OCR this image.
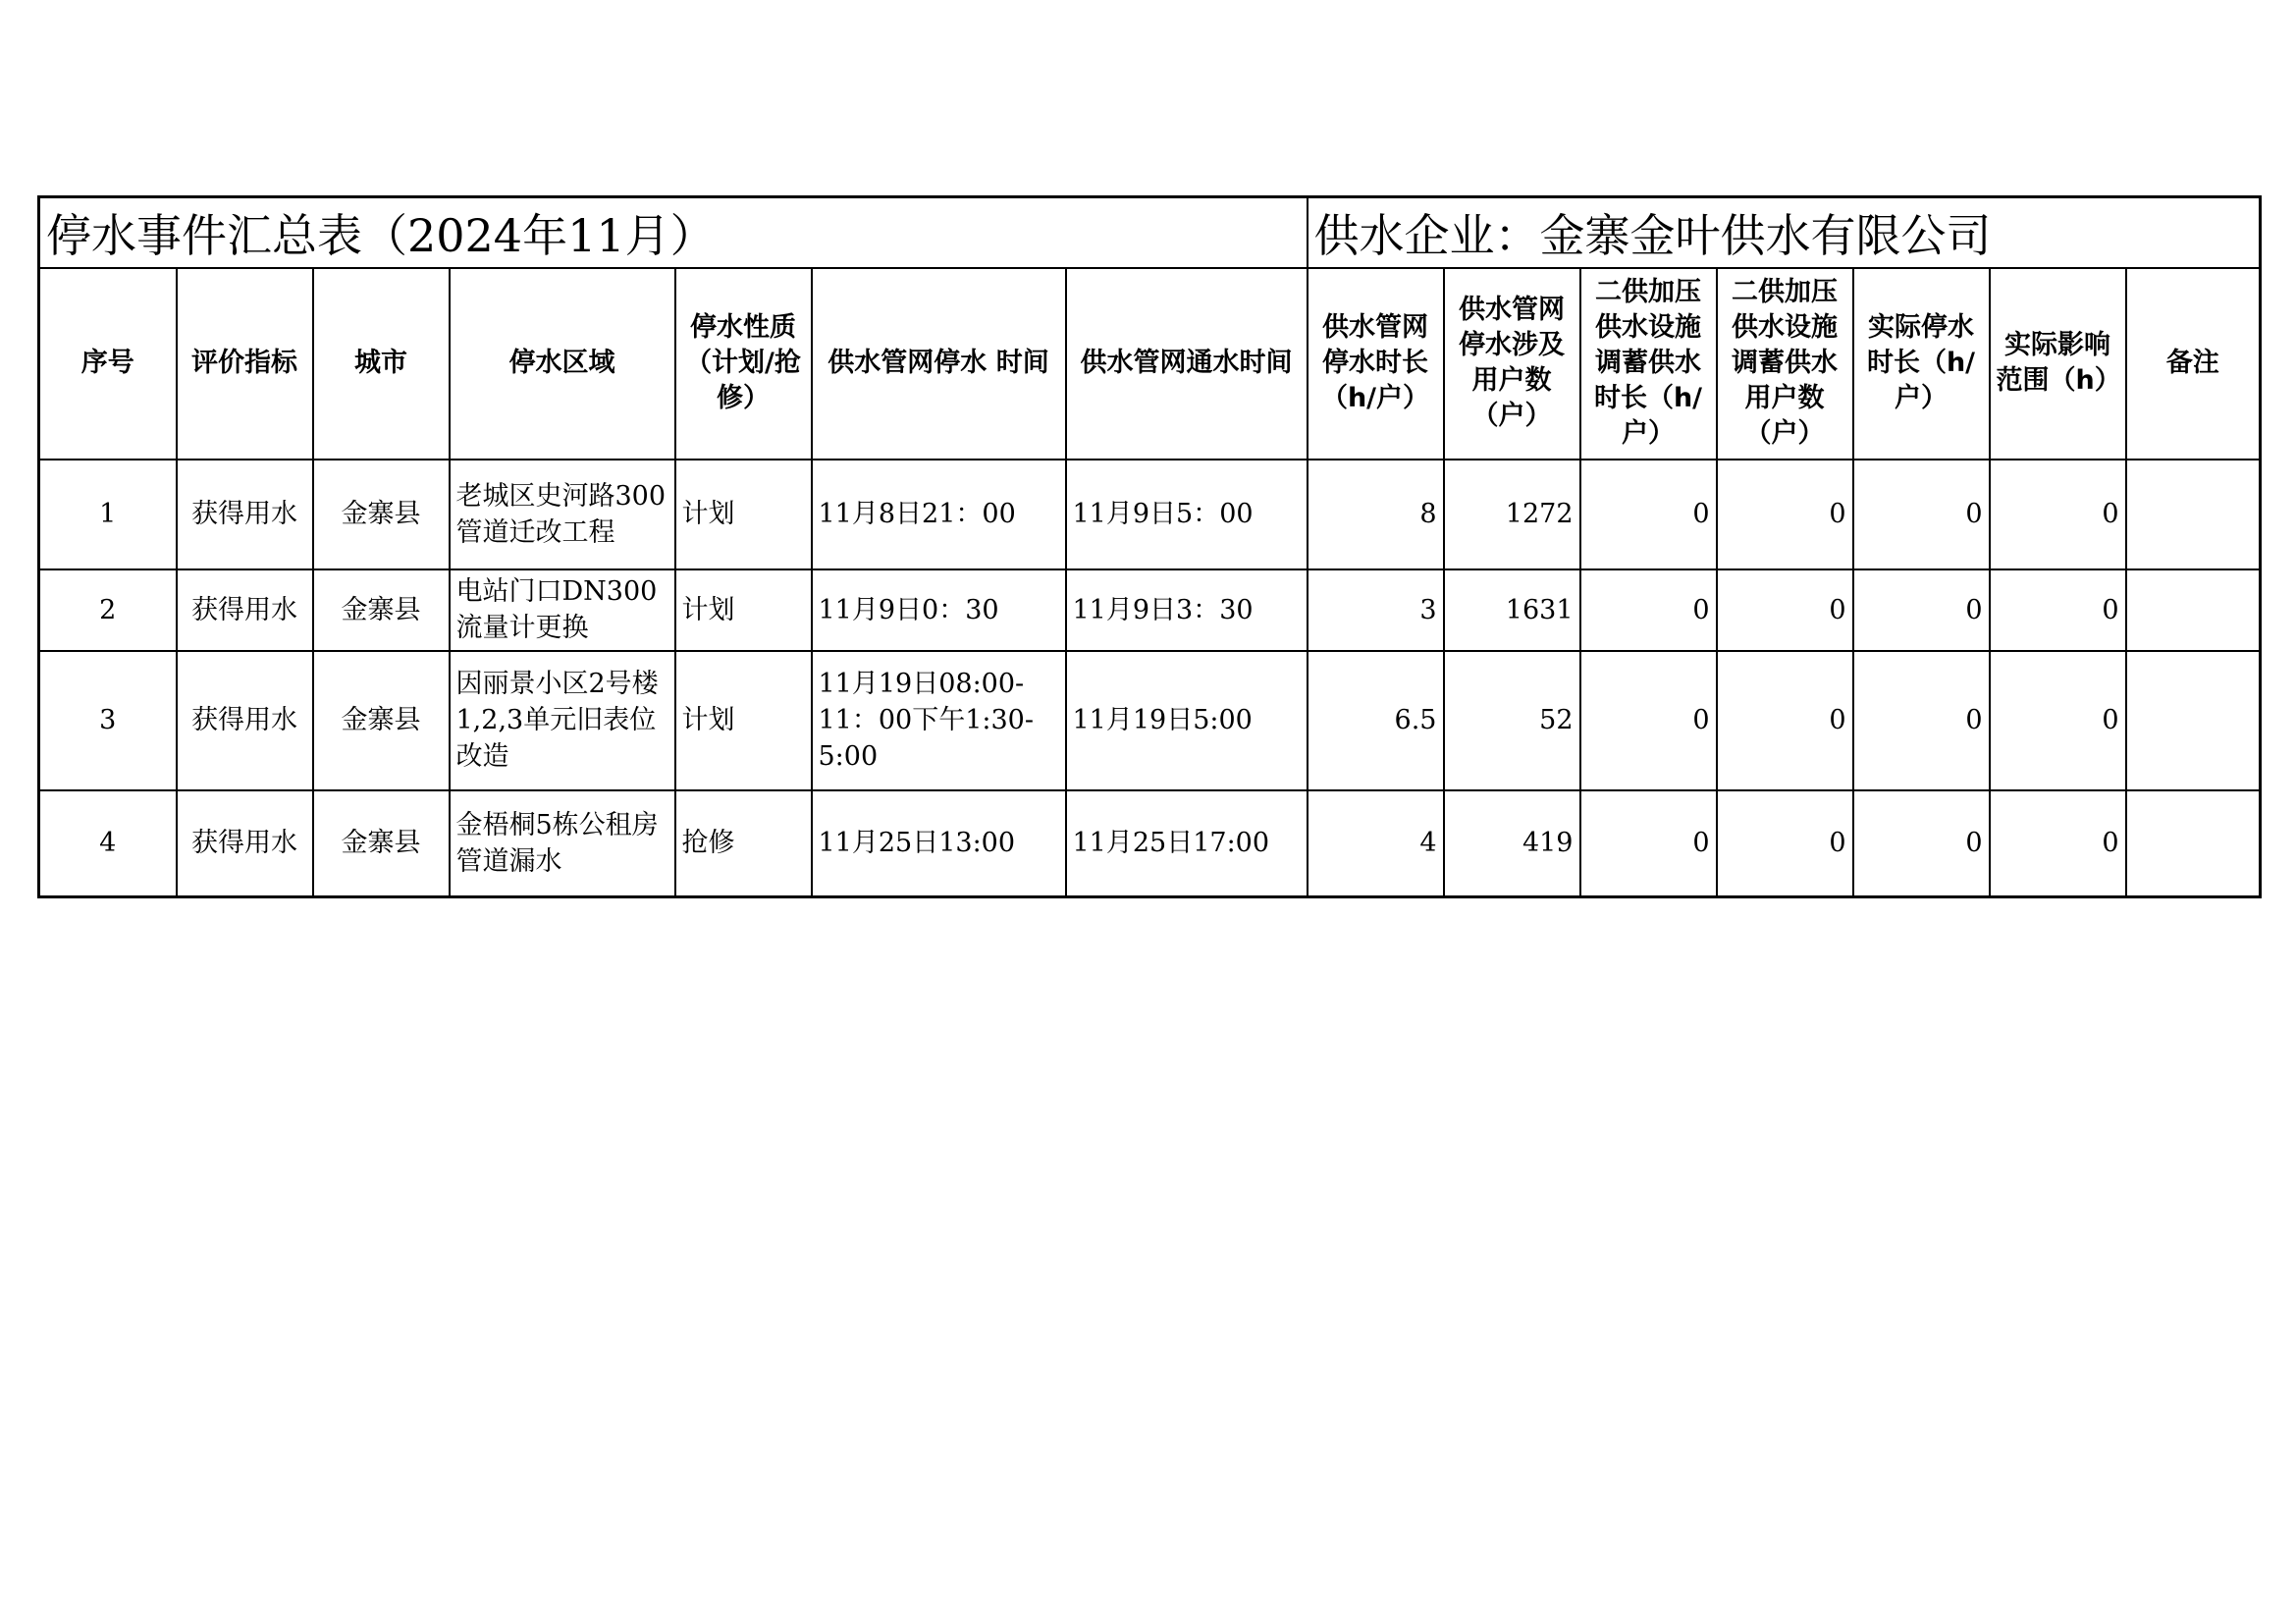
停水事件汇总表（2024年11月）							供水企业：金寨金叶供水有限公司						
序号	评价指标	城市	停水区域	停水性质（计划/抢修）	供水管网停水 时间	供水管网通水时间	供水管网停水时长（h/户）	供水管网停水涉及用户数（户）	二供加压供水设施调蓄供水时长（h/户）	二供加压供水设施调蓄供水用户数（户）	实际停水时长（h/户）	实际影响范围（h）	备注
1	获得用水	金寨县	老城区史河路300管道迁改工程	计划	11月8日21：00	11月9日5：00	8	1272	0	0	0	0	
2	获得用水	金寨县	电站门口DN300流量计更换	计划	11月9日0：30	11月9日3：30	3	1631	0	0	0	0	
3	获得用水	金寨县	因丽景小区2号楼1,2,3单元旧表位改造	计划	11月19日08:00-11：00下午1:30-5:00	11月19日5:00	6.5	52	0	0	0	0	
4	获得用水	金寨县	金梧桐5栋公租房管道漏水	抢修	11月25日13:00	11月25日17:00	4	419	0	0	0	0	
